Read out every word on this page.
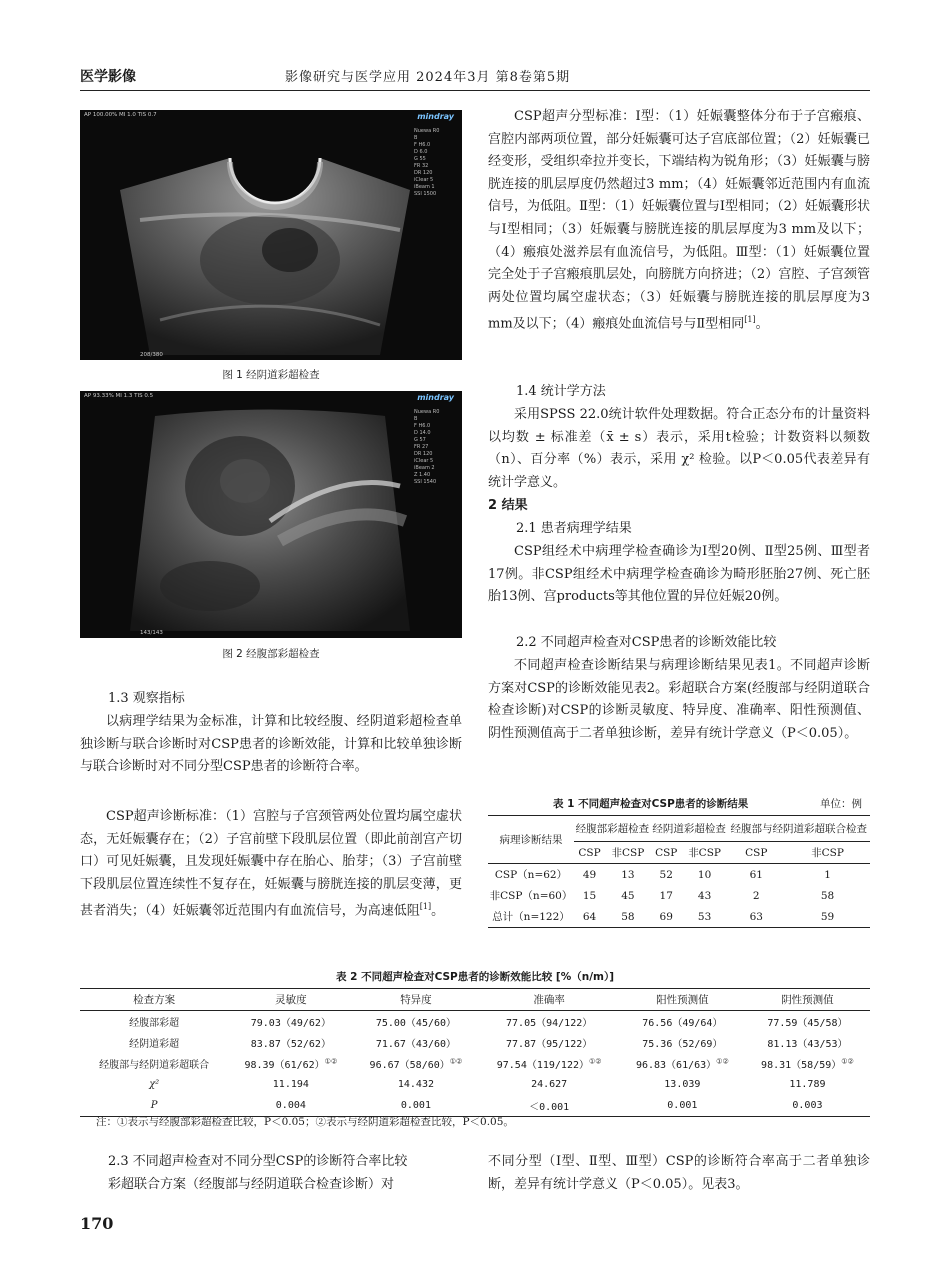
医学影像	影像研究与医学应用 2024年3月 第8卷第5期
AP 100.00% MI 1.0 TIS 0.7	mindray
Nuewa R0
B
F H6.0
D 6.0
G 55
FR 32
DR 120
iClear 5
iBeam 1
SSI 1500
208/380
图 1 经阴道彩超检查
AP 93.33% MI 1.3 TIS 0.5	mindray
Nuewa R0
B
F H6.0
D 14.0
G 57
FR 27
DR 120
iClear 5
iBeam 2
Z 1.40
SSI 1540
143/143
图 2 经腹部彩超检查

1.3 观察指标

以病理学结果为金标准，计算和比较经腹、经阴道彩超检查单独诊断与联合诊断时对CSP患者的诊断效能，计算和比较单独诊断与联合诊断时对不同分型CSP患者的诊断符合率。

CSP超声诊断标准：（1）宫腔与子宫颈管两处位置均属空虚状态，无妊娠囊存在；（2）子宫前壁下段肌层位置（即此前剖宫产切口）可见妊娠囊，且发现妊娠囊中存在胎心、胎芽；（3）子宫前壁下段肌层位置连续性不复存在，妊娠囊与膀胱连接的肌层变薄，更甚者消失；（4）妊娠囊邻近范围内有血流信号，为高速低阻[1]。

CSP超声分型标准：Ⅰ型：（1）妊娠囊整体分布于子宫瘢痕、宫腔内部两项位置，部分妊娠囊可达子宫底部位置；（2）妊娠囊已经变形，受组织牵拉并变长，下端结构为锐角形；（3）妊娠囊与膀胱连接的肌层厚度仍然超过3 mm；（4）妊娠囊邻近范围内有血流信号，为低阻。Ⅱ型：（1）妊娠囊位置与Ⅰ型相同；（2）妊娠囊形状与Ⅰ型相同；（3）妊娠囊与膀胱连接的肌层厚度为3 mm及以下；（4）瘢痕处滋养层有血流信号，为低阻。Ⅲ型：（1）妊娠囊位置完全处于子宫瘢痕肌层处，向膀胱方向挤进；（2）宫腔、子宫颈管两处位置均属空虚状态；（3）妊娠囊与膀胱连接的肌层厚度为3 mm及以下；（4）瘢痕处血流信号与Ⅱ型相同[1]。

1.4 统计学方法

采用SPSS 22.0统计软件处理数据。符合正态分布的计量资料以均数 ± 标准差（x̄ ± s）表示，采用t检验；计数资料以频数（n）、百分率（%）表示，采用 χ² 检验。以P＜0.05代表差异有统计学意义。

2 结果

2.1 患者病理学结果

CSP组经术中病理学检查确诊为Ⅰ型20例、Ⅱ型25例、Ⅲ型者17例。非CSP组经术中病理学检查确诊为畸形胚胎27例、死亡胚胎13例、宫products等其他位置的异位妊娠20例。

2.2 不同超声检查对CSP患者的诊断效能比较

不同超声检查诊断结果与病理诊断结果见表1。不同超声诊断方案对CSP的诊断效能见表2。彩超联合方案(经腹部与经阴道联合检查诊断)对CSP的诊断灵敏度、特异度、准确率、阳性预测值、阴性预测值高于二者单独诊断，差异有统计学意义（P＜0.05）。

表 1 不同超声检查对CSP患者的诊断结果	单位：例
病理诊断结果	经腹部彩超检查		经阴道彩超检查		经腹部与经阴道彩超联合检查	
	CSP	非CSP	CSP	非CSP	CSP	非CSP
CSP（n=62）	49	13	52	10	61	1
非CSP（n=60）	15	45	17	43	2	58
总计（n=122）	64	58	69	53	63	59
表 2 不同超声检查对CSP患者的诊断效能比较 [%（n/m）]
检查方案	灵敏度	特异度	准确率	阳性预测值	阴性预测值
经腹部彩超	79.03（49/62）	75.00（45/60）	77.05（94/122）	76.56（49/64）	77.59（45/58）
经阴道彩超	83.87（52/62）	71.67（43/60）	77.87（95/122）	75.36（52/69）	81.13（43/53）
经腹部与经阴道彩超联合	98.39（61/62）①②	96.67（58/60）①②	97.54（119/122）①②	96.83（61/63）①②	98.31（58/59）①②
χ²	11.194	14.432	24.627	13.039	11.789
P	0.004	0.001	＜0.001	0.001	0.003
注：①表示与经腹部彩超检查比较，P＜0.05；②表示与经阴道彩超检查比较，P＜0.05。

2.3 不同超声检查对不同分型CSP的诊断符合率比较

彩超联合方案（经腹部与经阴道联合检查诊断）对

不同分型（Ⅰ型、Ⅱ型、Ⅲ型）CSP的诊断符合率高于二者单独诊断，差异有统计学意义（P＜0.05）。见表3。

170
